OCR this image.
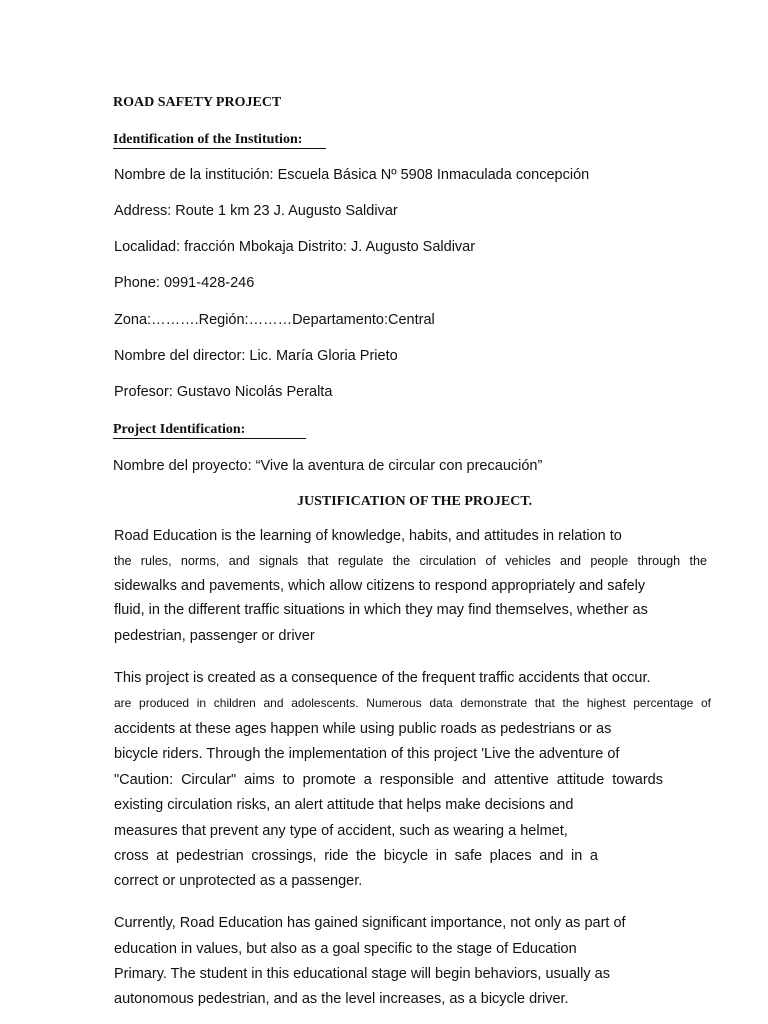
ROAD SAFETY PROJECT
Identification of the Institution:
Nombre de la institución: Escuela Básica Nº 5908 Inmaculada concepción
Address: Route 1 km 23 J. Augusto Saldivar
Localidad: fracción Mbokaja Distrito: J. Augusto Saldivar
Phone: 0991-428-246
Zona:……….Región:………Departamento:Central
Nombre del director: Lic. María Gloria Prieto
Profesor: Gustavo Nicolás Peralta
Project Identification:
Nombre del proyecto: “Vive la aventura de circular con precaución”
JUSTIFICATION OF THE PROJECT.
Road Education is the learning of knowledge, habits, and attitudes in relation to
the rules, norms, and signals that regulate the circulation of vehicles and people through the
sidewalks and pavements, which allow citizens to respond appropriately and safely
fluid, in the different traffic situations in which they may find themselves, whether as
pedestrian, passenger or driver
This project is created as a consequence of the frequent traffic accidents that occur.
are produced in children and adolescents. Numerous data demonstrate that the highest percentage of
accidents at these ages happen while using public roads as pedestrians or as
bicycle riders. Through the implementation of this project 'Live the adventure of
"Caution: Circular" aims to promote a responsible and attentive attitude towards
existing circulation risks, an alert attitude that helps make decisions and
measures that prevent any type of accident, such as wearing a helmet,
cross at pedestrian crossings, ride the bicycle in safe places and in a
correct or unprotected as a passenger.
Currently, Road Education has gained significant importance, not only as part of
education in values, but also as a goal specific to the stage of Education
Primary. The student in this educational stage will begin behaviors, usually as
autonomous pedestrian, and as the level increases, as a bicycle driver.
